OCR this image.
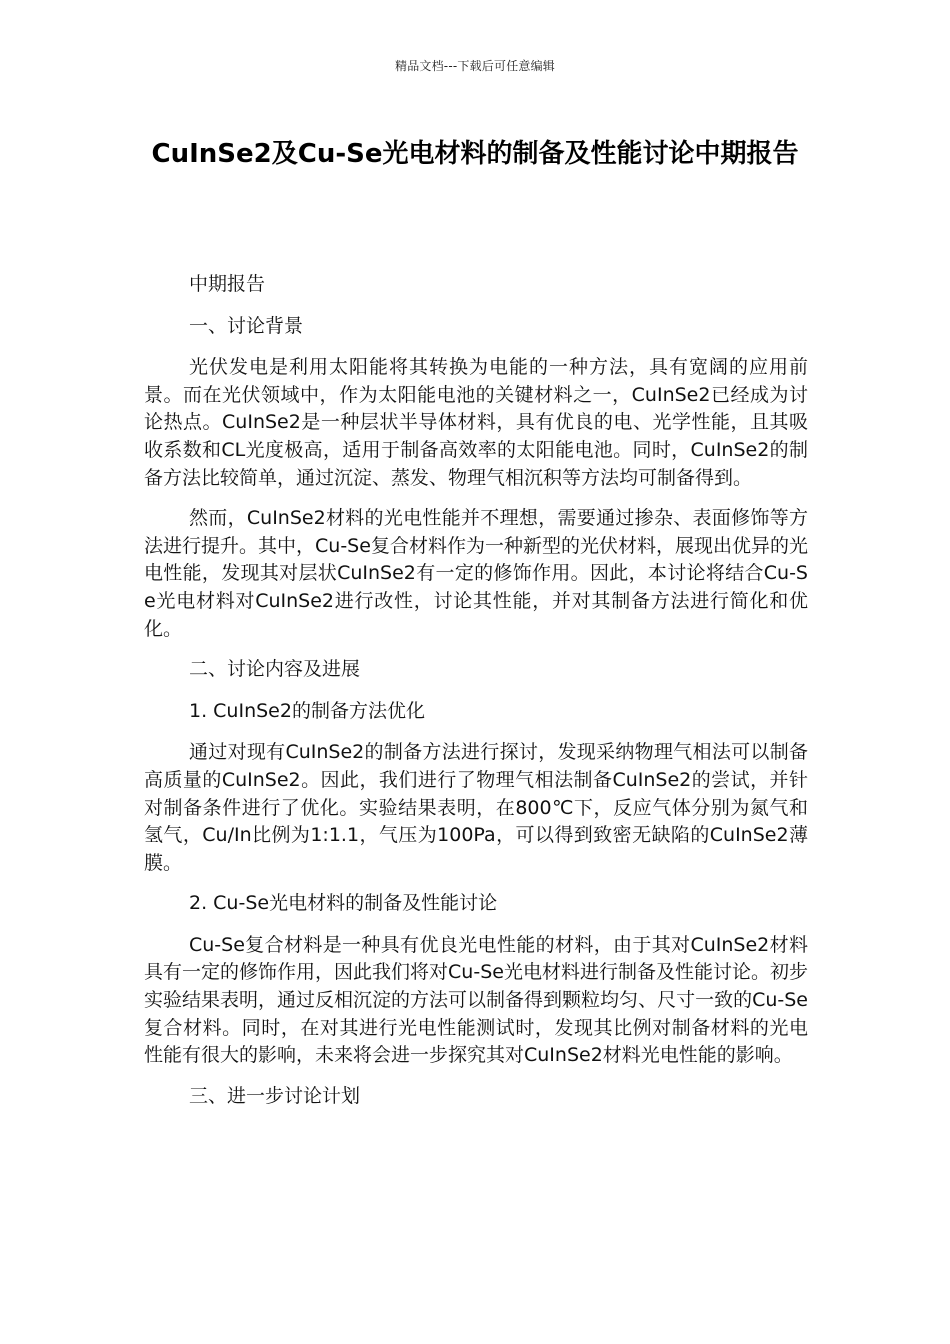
精品文档---下载后可任意编辑
CuInSe2及Cu-Se光电材料的制备及性能讨论中期报告

中期报告

一、讨论背景

光伏发电是利用太阳能将其转换为电能的一种方法，具有宽阔的应用前景。而在光伏领域中，作为太阳能电池的关键材料之一，CuInSe2已经成为讨论热点。CuInSe2是一种层状半导体材料，具有优良的电、光学性能，且其吸收系数和CL光度极高，适用于制备高效率的太阳能电池。同时，CuInSe2的制备方法比较简单，通过沉淀、蒸发、物理气相沉积等方法均可制备得到。

然而，CuInSe2材料的光电性能并不理想，需要通过掺杂、表面修饰等方法进行提升。其中，Cu-Se复合材料作为一种新型的光伏材料，展现出优异的光电性能，发现其对层状CuInSe2有一定的修饰作用。因此，本讨论将结合Cu-Se光电材料对CuInSe2进行改性，讨论其性能，并对其制备方法进行简化和优化。

二、讨论内容及进展

1. CuInSe2的制备方法优化

通过对现有CuInSe2的制备方法进行探讨，发现采纳物理气相法可以制备高质量的CuInSe2。因此，我们进行了物理气相法制备CuInSe2的尝试，并针对制备条件进行了优化。实验结果表明，在800℃下，反应气体分别为氮气和氢气，Cu/In比例为1:1.1，气压为100Pa，可以得到致密无缺陷的CuInSe2薄膜。

2. Cu-Se光电材料的制备及性能讨论

Cu-Se复合材料是一种具有优良光电性能的材料，由于其对CuInSe2材料具有一定的修饰作用，因此我们将对Cu-Se光电材料进行制备及性能讨论。初步实验结果表明，通过反相沉淀的方法可以制备得到颗粒均匀、尺寸一致的Cu-Se复合材料。同时，在对其进行光电性能测试时，发现其比例对制备材料的光电性能有很大的影响，未来将会进一步探究其对CuInSe2材料光电性能的影响。

三、进一步讨论计划
